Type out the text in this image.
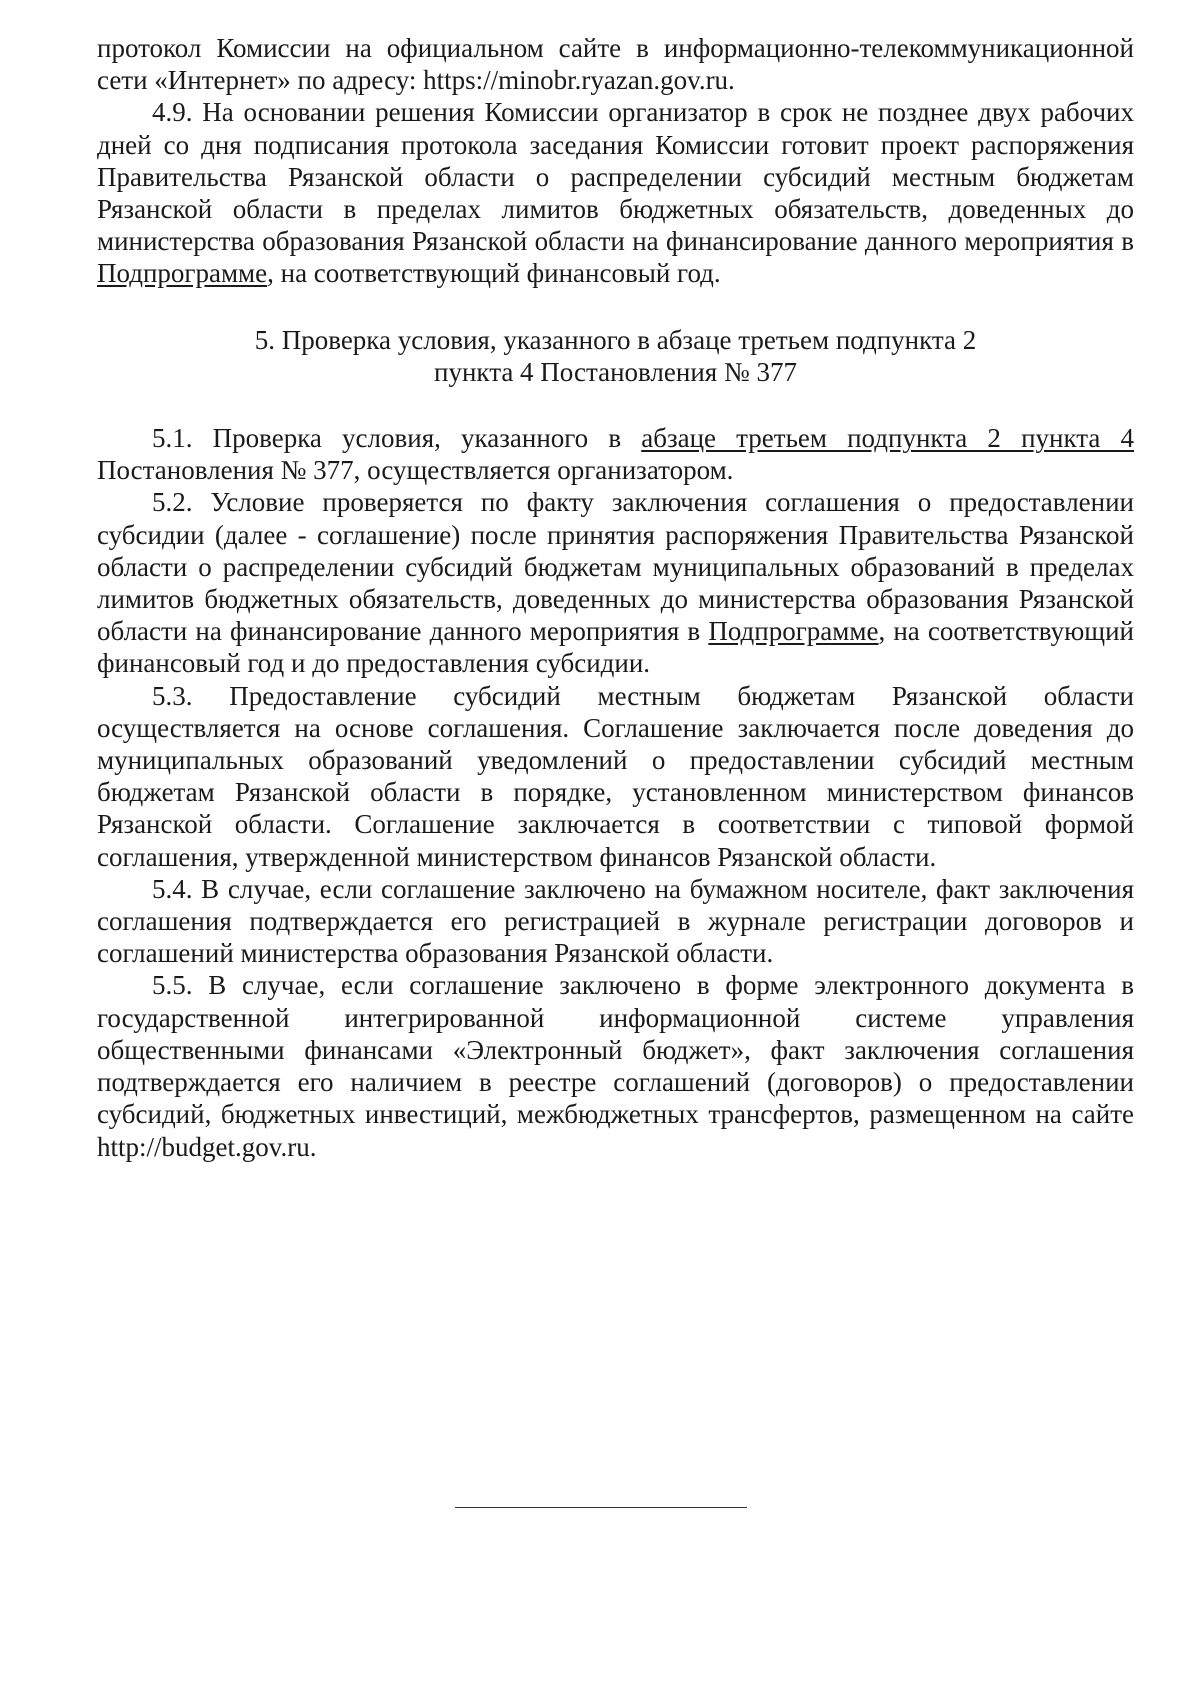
протокол Комиссии на официальном сайте в информационно-телекоммуникационной сети «Интернет» по адресу: https://minobr.ryazan.gov.ru.

4.9. На основании решения Комиссии организатор в срок не позднее двух рабочих дней со дня подписания протокола заседания Комиссии готовит проект распоряжения Правительства Рязанской области о распределении субсидий местным бюджетам Рязанской области в пределах лимитов бюджетных обязательств, доведенных до министерства образования Рязанской области на финансирование данного мероприятия в Подпрограмме, на соответствующий финансовый год.

5. Проверка условия, указанного в абзаце третьем подпункта 2
пункта 4 Постановления № 377

5.1. Проверка условия, указанного в абзаце третьем подпункта 2 пункта 4 Постановления № 377, осуществляется организатором.

5.2. Условие проверяется по факту заключения соглашения о предоставлении субсидии (далее - соглашение) после принятия распоряжения Правительства Рязанской области о распределении субсидий бюджетам муниципальных образований в пределах лимитов бюджетных обязательств, доведенных до министерства образования Рязанской области на финансирование данного мероприятия в Подпрограмме, на соответствующий финансовый год и до предоставления субсидии.

5.3. Предоставление субсидий местным бюджетам Рязанской области осуществляется на основе соглашения. Соглашение заключается после доведения до муниципальных образований уведомлений о предоставлении субсидий местным бюджетам Рязанской области в порядке, установленном министерством финансов Рязанской области. Соглашение заключается в соответствии с типовой формой соглашения, утвержденной министерством финансов Рязанской области.

5.4. В случае, если соглашение заключено на бумажном носителе, факт заключения соглашения подтверждается его регистрацией в журнале регистрации договоров и соглашений министерства образования Рязанской области.

5.5. В случае, если соглашение заключено в форме электронного документа в государственной интегрированной информационной системе управления общественными финансами «Электронный бюджет», факт заключения соглашения подтверждается его наличием в реестре соглашений (договоров) о предоставлении субсидий, бюджетных инвестиций, межбюджетных трансфертов, размещенном на сайте http://budget.gov.ru.
